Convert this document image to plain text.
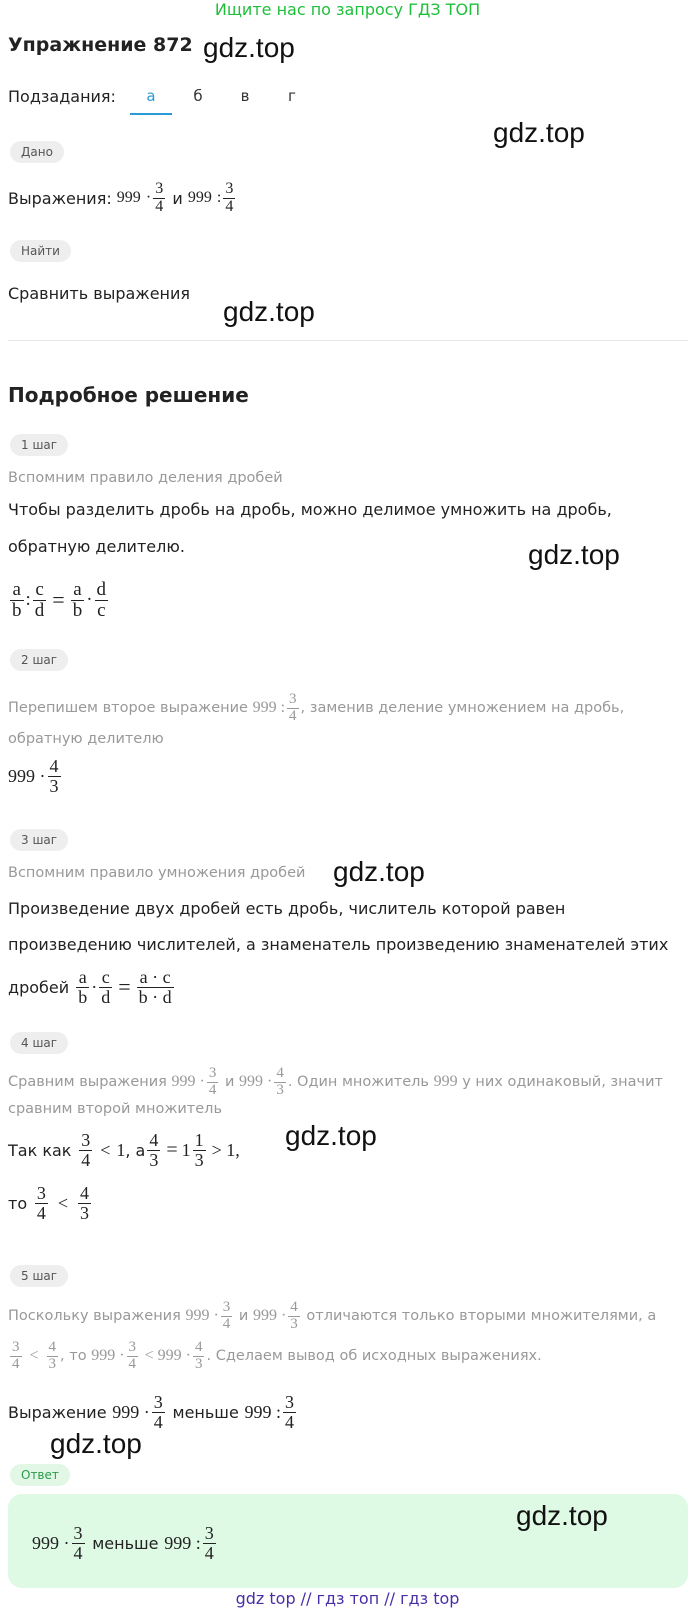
Ищите нас по запросу ГДЗ ТОП
Упражнение 872 gdz.top
Подзадания:	а	б	в	г
gdz.top
Дано
Выражения:
999
· $\frac{3}{4}$
и
999
: $\frac{3}{4}$
Найти
Сравнить выражения
gdz.top
Подробное решение
1 шаг
Вспомним правило деления дробей
Чтобы разделить дробь на дробь, можно делимое умножить на дробь,
обратную делителю.
$\frac{a}{b}$ : $\frac{c}{d} = \frac{a}{b} \cdot \frac{d}{c}$
gdz.top
2 шаг
Перепишем второе выражение
999 : $\frac{3}{4}$ , заменив деление умножением на дробь,
обратную делителю
$999 \cdot \frac{4}{3}$
3 шаг
Вспомним правило умножения дробей gdz.top
Произведение двух дробей есть дробь, числитель которой равен
произведению числителей, а знаменатель произведению знаменателей этих
дробей
$\frac{a}{b} \cdot \frac{c}{d} = \frac{a \cdot c}{b \cdot d}$
4 шаг
Сравним выражения
$999 \cdot \frac{3}{4}$
и
$999 \cdot \frac{4}{3}$ . Один множитель
999
у них одинаковый, значит
сравним второй множитель
Так как
$\frac{3}{4} < 1$ , а $\frac{4}{3} = 1 \frac{1}{3} > 1$, gdz.top
то
$\frac{3}{4} < \frac{4}{3}$
5 шаг
Поскольку выражения
$999 \cdot \frac{3}{4}$
и
$999 \cdot \frac{4}{3}$
отличаются только вторыми множителями, а
$\frac{3}{4} < \frac{4}{3}$ , то
$999 \cdot \frac{3}{4}$
< $999 \cdot \frac{4}{3}$ . Сделаем вывод об исходных выражениях.
Выражение
$999 \cdot \frac{3}{4}$
меньше
999 : $\frac{3}{4}$
gdz.top
Ответ
$999 \cdot \frac{3}{4}$
меньше
999 : $\frac{3}{4}$
gdz.top
gdz top // гдз топ // гдз top
